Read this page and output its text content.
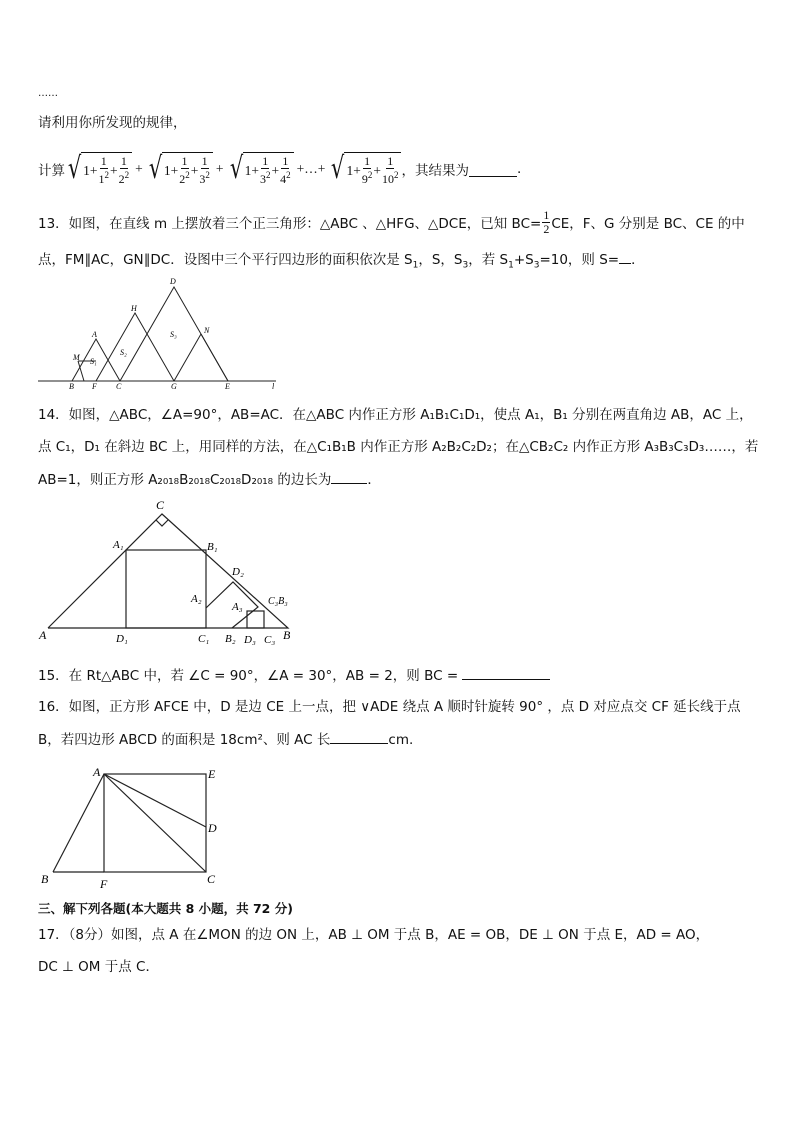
……
请利用你所发现的规律，
计算 √ $1+ \frac{1}{1^2} + \frac{1}{2^2}$ + √ $1+ \frac{1}{2^2} + \frac{1}{3^2}$ + √ $1+ \frac{1}{3^2} + \frac{1}{4^2}$ +…+ √ $1+ \frac{1}{9^2} + \frac{1}{10^2}$ ，其结果为	.
13．如图，在直线 m 上摆放着三个正三角形：△ABC 、△HFG、△DCE，已知 $BC= \frac{1}{2}$ CE，F、G 分别是 BC、CE 的中
点，FM∥AC，GN∥DC．设图中三个平行四边形的面积依次是 $S_1$，S，$S_3$，若 $S_1+S_3=10$，则 S= ．
D
H
A
M S₁
S₂
S₃	N
B F C	G	E	l
14．如图，△ABC，∠A=90°，AB=AC．在△ABC 内作正方形 A₁B₁C₁D₁，使点 A₁，B₁ 分别在两直角边 AB，AC 上，
点 C₁，D₁ 在斜边 BC 上，用同样的方法，在△C₁B₁B 内作正方形 A₂B₂C₂D₂；在△CB₂C₂ 内作正方形 A₃B₃C₃D₃……，若
AB=1，则正方形 A₂₀₁₈B₂₀₁₈C₂₀₁₈D₂₀₁₈ 的边长为	．
C
A₁	B₁
D₂
A₂
A₃	C₃B₃
A	D₁	C₁ B₂ D₃ C₃ B
15．在 Rt△ABC 中，若 ∠C = 90°，∠A = 30°，AB = 2，则 BC =
16．如图，正方形 AFCE 中，D 是边 CE 上一点，把 ∨ADE 绕点 A 顺时针旋转 90° ，点 D 对应点交 CF 延长线于点
B，若四边形 ABCD 的面积是 18cm²、则 AC 长	cm.
A	E
D
B	F	C
三、解下列各题(本大题共 8 小题，共 72 分)
17．（8分）如图，点 A 在∠MON 的边 ON 上，AB ⊥ OM 于点 B，AE = OB，DE ⊥ ON 于点 E，AD = AO，
DC ⊥ OM 于点 C．
